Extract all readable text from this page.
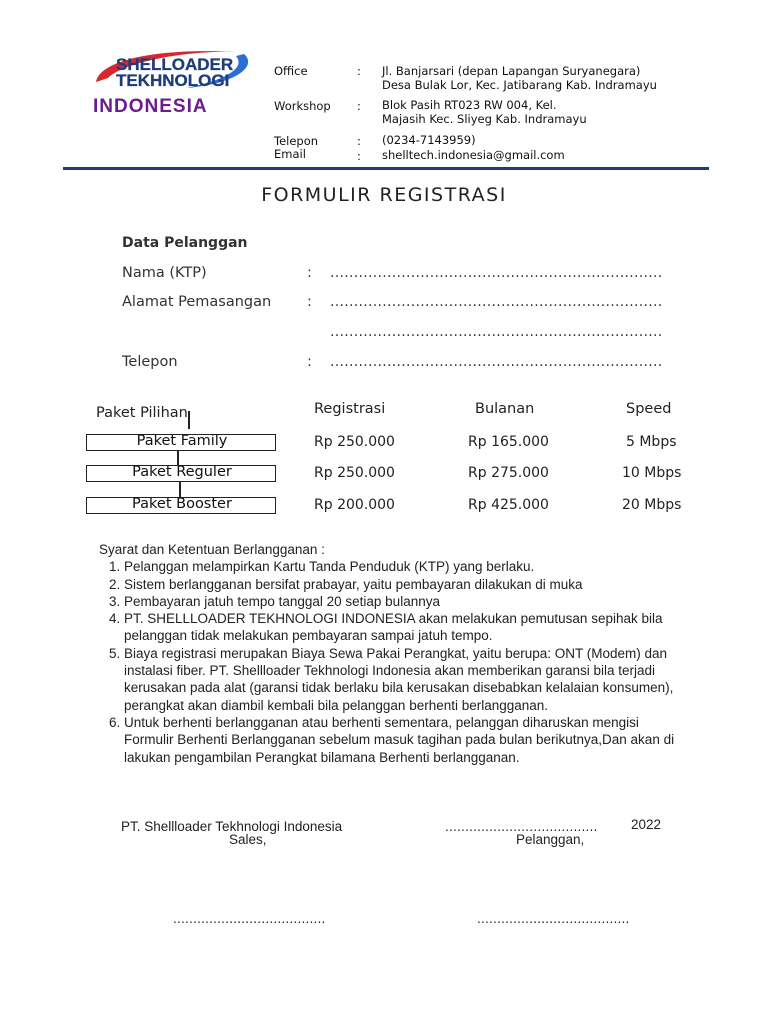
SHELLOADER
TEKHNOLOGI
INDONESIA
Office	: Jl. Banjarsari (depan Lapangan Suryanegara)
Desa Bulak Lor, Kec. Jatibarang Kab. Indramayu
Workshop : Blok Pasih RT023 RW 004, Kel.
Majasih Kec. Sliyeg Kab. Indramayu
Telepon	: (0234-7143959)
Email	: shelltech.indonesia@gmail.com
FORMULIR REGISTRASI
Data Pelanggan
Nama (KTP)	: ......................................................................
Alamat Pemasangan : ......................................................................
......................................................................
Telepon	: ......................................................................
Paket Pilihan	Registrasi	Bulanan	Speed
Paket Family	Rp 250.000	Rp 165.000	5 Mbps
Paket Reguler	Rp 250.000	Rp 275.000	10 Mbps
Paket Booster	Rp 200.000	Rp 425.000	20 Mbps
Syarat dan Ketentuan Berlangganan :
1. Pelanggan melampirkan Kartu Tanda Penduduk (KTP) yang berlaku.
2. Sistem berlangganan bersifat prabayar, yaitu pembayaran dilakukan di muka
3. Pembayaran jatuh tempo tanggal 20 setiap bulannya
4. PT. SHELLLOADER TEKHNOLOGI INDONESIA akan melakukan pemutusan sepihak bila pelanggan tidak melakukan pembayaran sampai jatuh tempo.
5. Biaya registrasi merupakan Biaya Sewa Pakai Perangkat, yaitu berupa: ONT (Modem) dan instalasi fiber. PT. Shellloader Tekhnologi Indonesia akan memberikan garansi bila terjadi kerusakan pada alat (garansi tidak berlaku bila kerusakan disebabkan kelalaian konsumen), perangkat akan diambil kembali bila pelanggan berhenti berlangganan.
6. Untuk berhenti berlangganan atau berhenti sementara, pelanggan diharuskan mengisi Formulir Berhenti Berlangganan sebelum masuk tagihan pada bulan berikutnya,Dan akan di lakukan pengambilan Perangkat bilamana Berhenti berlangganan.
PT. Shellloader Tekhnologi Indonesia
Sales,
...................................... 2022
Pelanggan,
......................................	......................................
